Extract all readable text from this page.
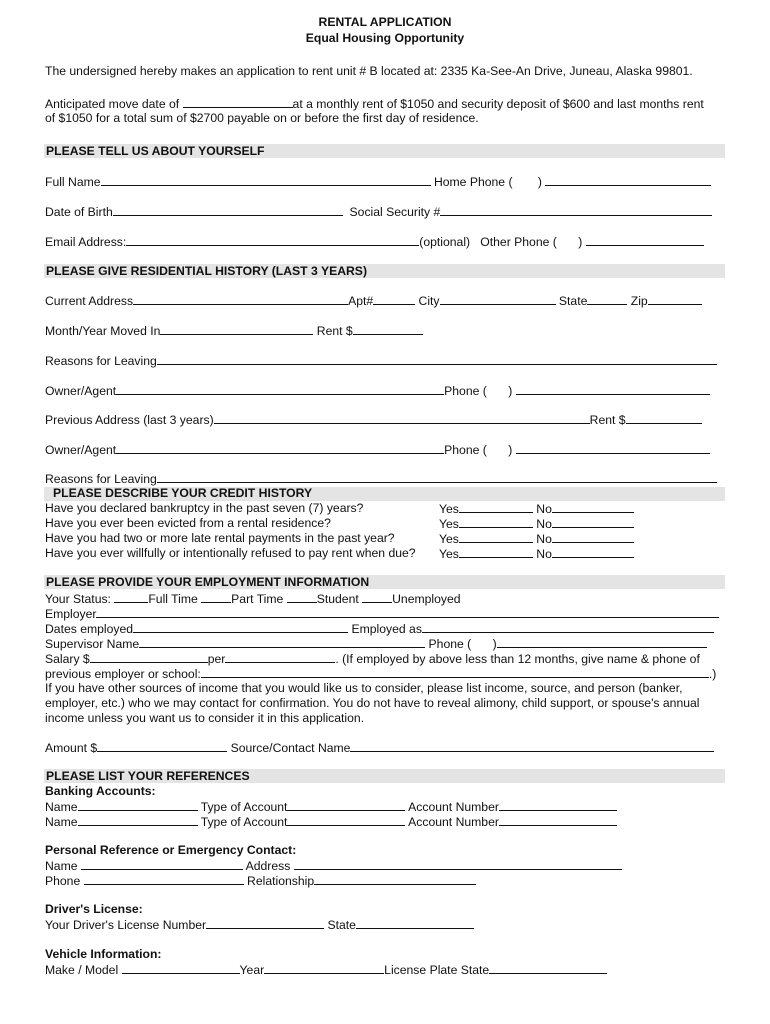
RENTAL APPLICATION
Equal Housing Opportunity
The undersigned hereby makes an application to rent unit # B located at: 2335 Ka-See-An Drive, Juneau, Alaska 99801.
Anticipated move date of	at a monthly rent of $1050 and security deposit of $600 and last months rent
of $1050 for a total sum of $2700 payable on or before the first day of residence.
PLEASE TELL US ABOUT YOURSELF
Full Name	Home Phone ( )
Date of Birth	Social Security #
Email Address:	(optional) Other Phone ( )
PLEASE GIVE RESIDENTIAL HISTORY (LAST 3 YEARS)
Current Address	Apt#	City	State	Zip
Month/Year Moved In	Rent $
Reasons for Leaving
Owner/Agent	Phone ( )
Previous Address (last 3 years)	Rent $
Owner/Agent	Phone ( )
Reasons for Leaving
PLEASE DESCRIBE YOUR CREDIT HISTORY
Have you declared bankruptcy in the past seven (7) years?	Yes	No
Have you ever been evicted from a rental residence?	Yes	No
Have you had two or more late rental payments in the past year?	Yes	No
Have you ever willfully or intentionally refused to pay rent when due? Yes	No
PLEASE PROVIDE YOUR EMPLOYMENT INFORMATION
Your Status:	Full Time	Part Time	Student	Unemployed
Employer
Dates employed	Employed as
Supervisor Name	Phone ( )
Salary $	per	. (If employed by above less than 12 months, give name & phone of
previous employer or school:	.)
If you have other sources of income that you would like us to consider, please list income, source, and person (banker,
employer, etc.) who we may contact for confirmation. You do not have to reveal alimony, child support, or spouse's annual
income unless you want us to consider it in this application.
Amount $	Source/Contact Name
PLEASE LIST YOUR REFERENCES
Banking Accounts:
Name	Type of Account	Account Number
Name	Type of Account	Account Number
Personal Reference or Emergency Contact:
Name	Address
Phone	Relationship
Driver's License:
Your Driver's License Number	State
Vehicle Information:
Make / Model	Year	License Plate State
